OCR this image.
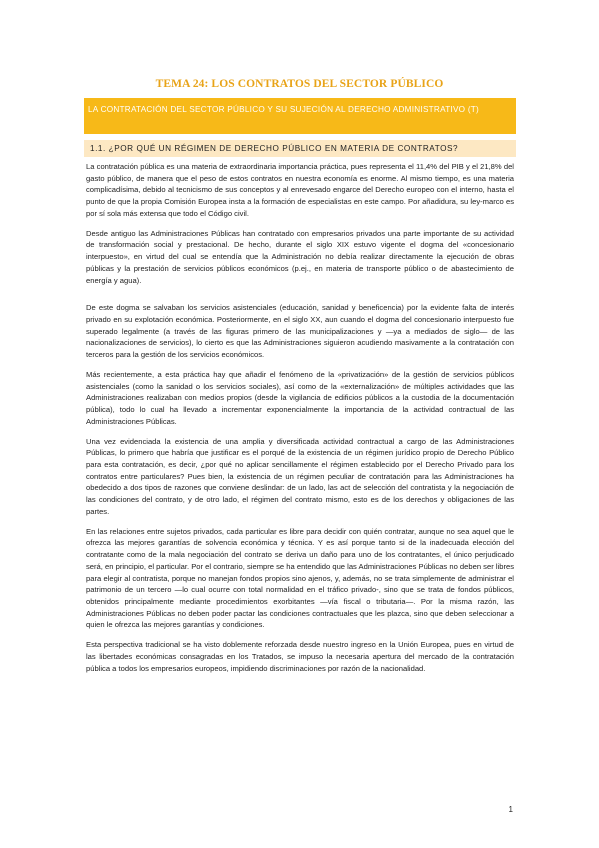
TEMA 24: LOS CONTRATOS DEL SECTOR PÚBLICO
LA CONTRATACIÓN DEL SECTOR PÚBLICO Y SU SUJECIÓN AL DERECHO ADMINISTRATIVO (T)
1.1. ¿POR QUÉ UN RÉGIMEN DE DERECHO PÚBLICO EN MATERIA DE CONTRATOS?

La contratación pública es una materia de extraordinaria importancia práctica, pues representa el 11,4% del PIB y el 21,8% del gasto público, de manera que el peso de estos contratos en nuestra economía es enorme. Al mismo tiempo, es una materia complicadísima, debido al tecnicismo de sus conceptos y al enrevesado engarce del Derecho europeo con el interno, hasta el punto de que la propia Comisión Europea insta a la formación de especialistas en este campo. Por añadidura, su ley-marco es por sí sola más extensa que todo el Código civil.

Desde antiguo las Administraciones Públicas han contratado con empresarios privados una parte importante de su actividad de transformación social y prestacional. De hecho, durante el siglo XIX estuvo vigente el dogma del «concesionario interpuesto», en virtud del cual se entendía que la Administración no debía realizar directamente la ejecución de obras públicas y la prestación de servicios públicos económicos (p.ej., en materia de transporte público o de abastecimiento de energía y agua).

De este dogma se salvaban los servicios asistenciales (educación, sanidad y beneficencia) por la evidente falta de interés privado en su explotación económica. Posteriormente, en el siglo XX, aun cuando el dogma del concesionario interpuesto fue superado legalmente (a través de las figuras primero de las municipalizaciones y —ya a mediados de siglo— de las nacionalizaciones de servicios), lo cierto es que las Administraciones siguieron acudiendo masivamente a la contratación con terceros para la gestión de los servicios económicos.

Más recientemente, a esta práctica hay que añadir el fenómeno de la «privatización» de la gestión de servicios públicos asistenciales (como la sanidad o los servicios sociales), así como de la «externalización» de múltiples actividades que las Administraciones realizaban con medios propios (desde la vigilancia de edificios públicos a la custodia de la documentación pública), todo lo cual ha llevado a incrementar exponencialmente la importancia de la actividad contractual de las Administraciones Públicas.

Una vez evidenciada la existencia de una amplia y diversificada actividad contractual a cargo de las Administraciones Públicas, lo primero que habría que justificar es el porqué de la existencia de un régimen jurídico propio de Derecho Público para esta contratación, es decir, ¿por qué no aplicar sencillamente el régimen establecido por el Derecho Privado para los contratos entre particulares? Pues bien, la existencia de un régimen peculiar de contratación para las Administraciones ha obedecido a dos tipos de razones que conviene deslindar: de un lado, las act de selección del contratista y la negociación de las condiciones del contrato, y de otro lado, el régimen del contrato mismo, esto es de los derechos y obligaciones de las partes.

En las relaciones entre sujetos privados, cada particular es libre para decidir con quién contratar, aunque no sea aquel que le ofrezca las mejores garantías de solvencia económica y técnica. Y es así porque tanto si de la inadecuada elección del contratante como de la mala negociación del contrato se deriva un daño para uno de los contratantes, el único perjudicado será, en principio, el particular. Por el contrario, siempre se ha entendido que las Administraciones Públicas no deben ser libres para elegir al contratista, porque no manejan fondos propios sino ajenos, y, además, no se trata simplemente de administrar el patrimonio de un tercero —lo cual ocurre con total normalidad en el tráfico privado-, sino que se trata de fondos públicos, obtenidos principalmente mediante procedimientos exorbitantes —vía fiscal o tributaria—. Por la misma razón, las Administraciones Públicas no deben poder pactar las condiciones contractuales que les plazca, sino que deben seleccionar a quien le ofrezca las mejores garantías y condiciones.

Esta perspectiva tradicional se ha visto doblemente reforzada desde nuestro ingreso en la Unión Europea, pues en virtud de las libertades económicas consagradas en los Tratados, se impuso la necesaria apertura del mercado de la contratación pública a todos los empresarios europeos, impidiendo discriminaciones por razón de la nacionalidad.

1
